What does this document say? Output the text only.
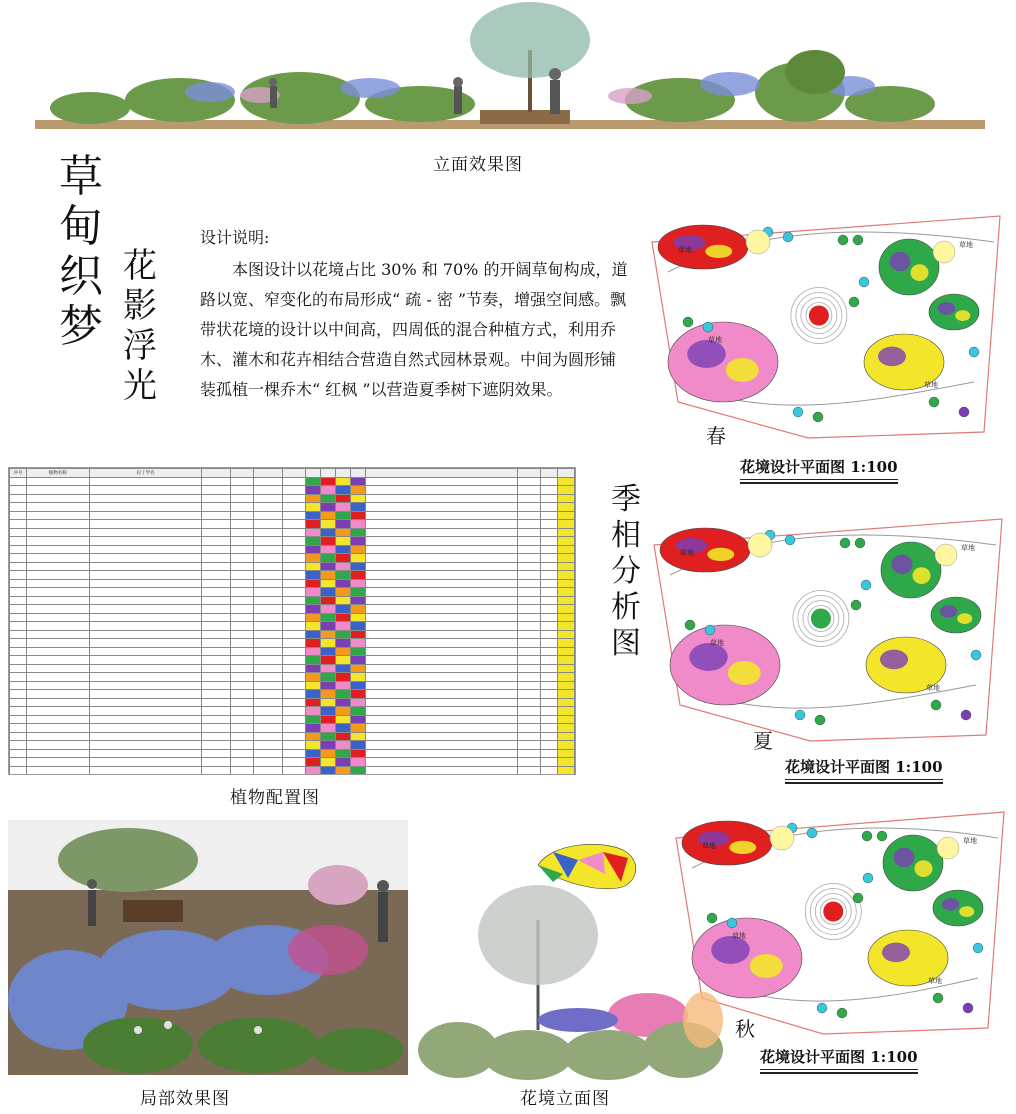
立面效果图
草
甸
织
梦
花
影
浮
光
设计说明:
本图设计以花境占比 30% 和 70% 的开阔草甸构成，道路以宽、窄变化的布局形成“ 疏 - 密 ”节奏，增强空间感。飘带状花境的设计以中间高，四周低的混合种植方式，利用乔木、灌木和花卉相结合营造自然式园林景观。中间为圆形铺装孤植一棵乔木“ 红枫 ”以营造夏季树下遮阴效果。
序号	植物名称	拉丁学名												

植物配置图
季
相
分
析
图
草地
草地
草地
草地
春
花境设计平面图 1:100
草地
草地
草地
草地
夏
花境设计平面图 1:100
草地
草地
草地
草地
秋
花境设计平面图 1:100
局部效果图	花境立面图
